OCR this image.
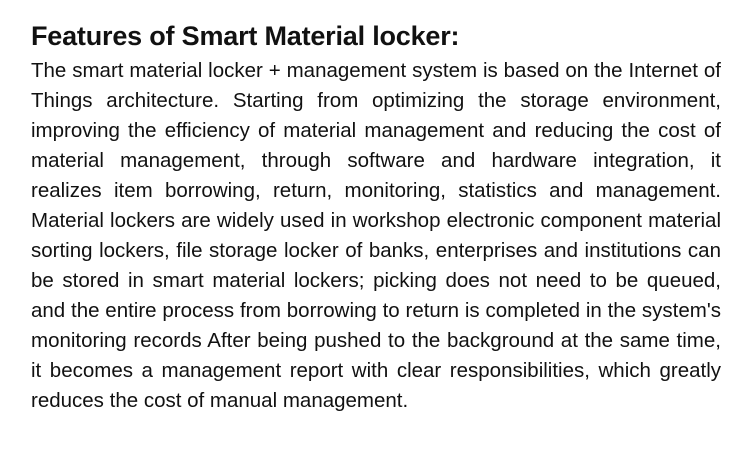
Features of Smart Material locker:

The smart material locker + management system is based on the Internet of Things architecture. Starting from optimizing the storage environment, improving the efficiency of material management and reducing the cost of material management, through software and hardware integration, it realizes item borrowing, return, monitoring, statistics and management. Material lockers are widely used in workshop electronic component material sorting lockers, file storage locker of banks, enterprises and institutions can be stored in smart material lockers; picking does not need to be queued, and the entire process from borrowing to return is completed in the system's monitoring records After being pushed to the background at the same time, it becomes a management report with clear responsibilities, which greatly reduces the cost of manual management.
